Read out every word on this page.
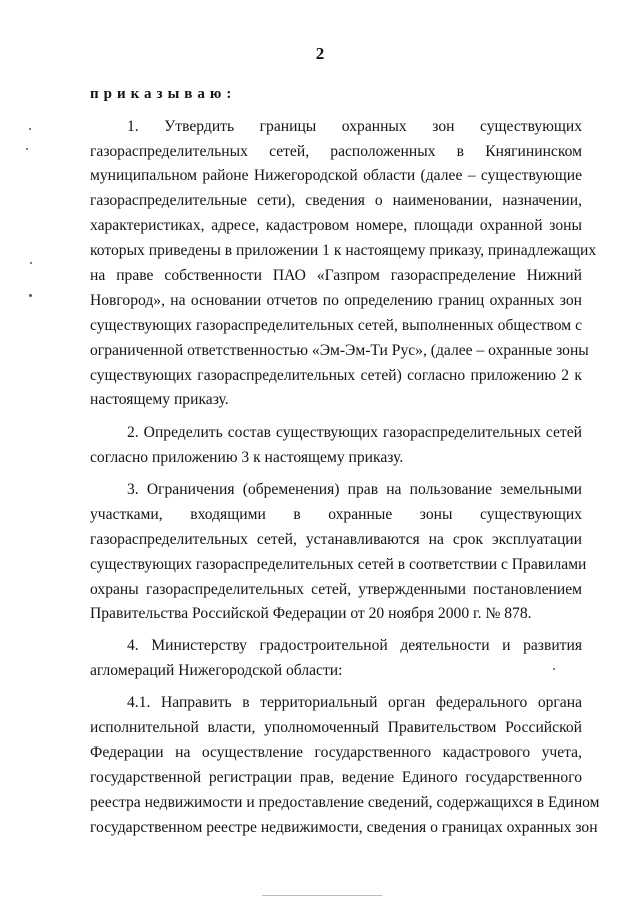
2
приказываю:
1. Утвердить границы охранных зон существующих
газораспределительных сетей, расположенных в Княгининском
муниципальном районе Нижегородской области (далее – существующие
газораспределительные сети), сведения о наименовании, назначении,
характеристиках, адресе, кадастровом номере, площади охранной зоны
которых приведены в приложении 1 к настоящему приказу, принадлежащих
на праве собственности ПАО «Газпром газораспределение Нижний
Новгород», на основании отчетов по определению границ охранных зон
существующих газораспределительных сетей, выполненных обществом с
ограниченной ответственностью «Эм-Эм-Ти Рус», (далее – охранные зоны
существующих газораспределительных сетей) согласно приложению 2 к
настоящему приказу.
2. Определить состав существующих газораспределительных сетей
согласно приложению 3 к настоящему приказу.
3. Ограничения (обременения) прав на пользование земельными
участками, входящими в охранные зоны существующих
газораспределительных сетей, устанавливаются на срок эксплуатации
существующих газораспределительных сетей в соответствии с Правилами
охраны газораспределительных сетей, утвержденными постановлением
Правительства Российской Федерации от 20 ноября 2000 г. № 878.
4. Министерству градостроительной деятельности и развития
агломераций Нижегородской области:
4.1. Направить в территориальный орган федерального органа
исполнительной власти, уполномоченный Правительством Российской
Федерации на осуществление государственного кадастрового учета,
государственной регистрации прав, ведение Единого государственного
реестра недвижимости и предоставление сведений, содержащихся в Едином
государственном реестре недвижимости, сведения о границах охранных зон
